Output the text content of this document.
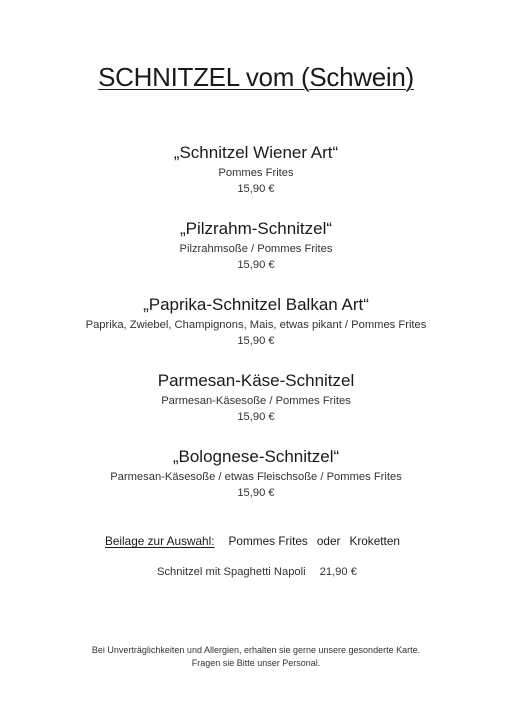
SCHNITZEL vom (Schwein)
„Schnitzel Wiener Art“
Pommes Frites
15,90 €
„Pilzrahm-Schnitzel“
Pilzrahmsoße / Pommes Frites
15,90 €
„Paprika-Schnitzel Balkan Art“
Paprika, Zwiebel, Champignons, Mais, etwas pikant / Pommes Frites
15,90 €
Parmesan-Käse-Schnitzel
Parmesan-Käsesoße / Pommes Frites
15,90 €
„Bolognese-Schnitzel“
Parmesan-Käsesoße / etwas Fleischsoße / Pommes Frites
15,90 €
Beilage zur Auswahl: Pommes Frites oder Kroketten
Schnitzel mit Spaghetti Napoli 21,90 €
Bei Unverträglichkeiten und Allergien, erhalten sie gerne unsere gesonderte Karte.
Fragen sie Bitte unser Personal.
